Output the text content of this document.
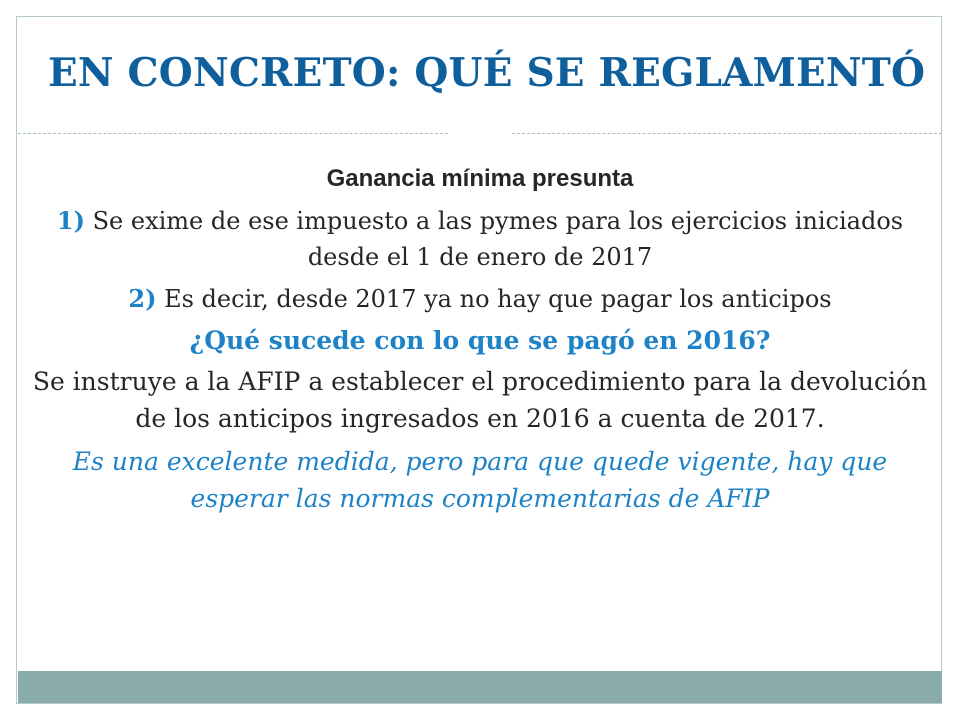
EN CONCRETO: QUÉ SE REGLAMENTÓ

Ganancia mínima presunta

1) Se exime de ese impuesto a las pymes para los ejercicios iniciados desde el 1 de enero de 2017

2) Es decir, desde 2017 ya no hay que pagar los anticipos

¿Qué sucede con lo que se pagó en 2016?

Se instruye a la AFIP a establecer el procedimiento para la devolución de los anticipos ingresados en 2016 a cuenta de 2017.

Es una excelente medida, pero para que quede vigente, hay que esperar las normas complementarias de AFIP
